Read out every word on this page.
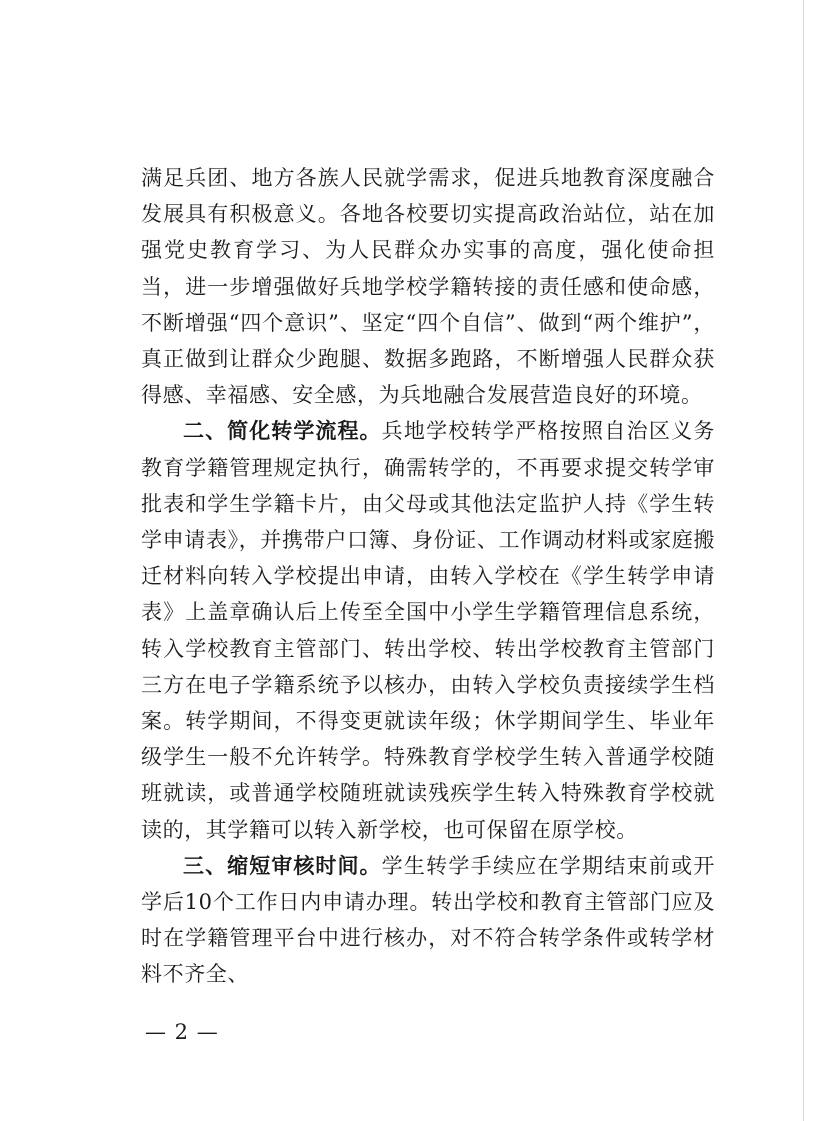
满足兵团、地方各族人民就学需求，促进兵地教育深度融合发展具有积极意义。各地各校要切实提高政治站位，站在加强党史教育学习、为人民群众办实事的高度，强化使命担当，进一步增强做好兵地学校学籍转接的责任感和使命感，不断增强“四个意识”、坚定“四个自信”、做到“两个维护”，真正做到让群众少跑腿、数据多跑路，不断增强人民群众获得感、幸福感、安全感，为兵地融合发展营造良好的环境。

二、简化转学流程。兵地学校转学严格按照自治区义务教育学籍管理规定执行，确需转学的，不再要求提交转学审批表和学生学籍卡片，由父母或其他法定监护人持《学生转学申请表》，并携带户口簿、身份证、工作调动材料或家庭搬迁材料向转入学校提出申请，由转入学校在《学生转学申请表》上盖章确认后上传至全国中小学生学籍管理信息系统，转入学校教育主管部门、转出学校、转出学校教育主管部门三方在电子学籍系统予以核办，由转入学校负责接续学生档案。转学期间，不得变更就读年级；休学期间学生、毕业年级学生一般不允许转学。特殊教育学校学生转入普通学校随班就读，或普通学校随班就读残疾学生转入特殊教育学校就读的，其学籍可以转入新学校，也可保留在原学校。

三、缩短审核时间。学生转学手续应在学期结束前或开学后10个工作日内申请办理。转出学校和教育主管部门应及时在学籍管理平台中进行核办，对不符合转学条件或转学材料不齐全、

— 2 —
